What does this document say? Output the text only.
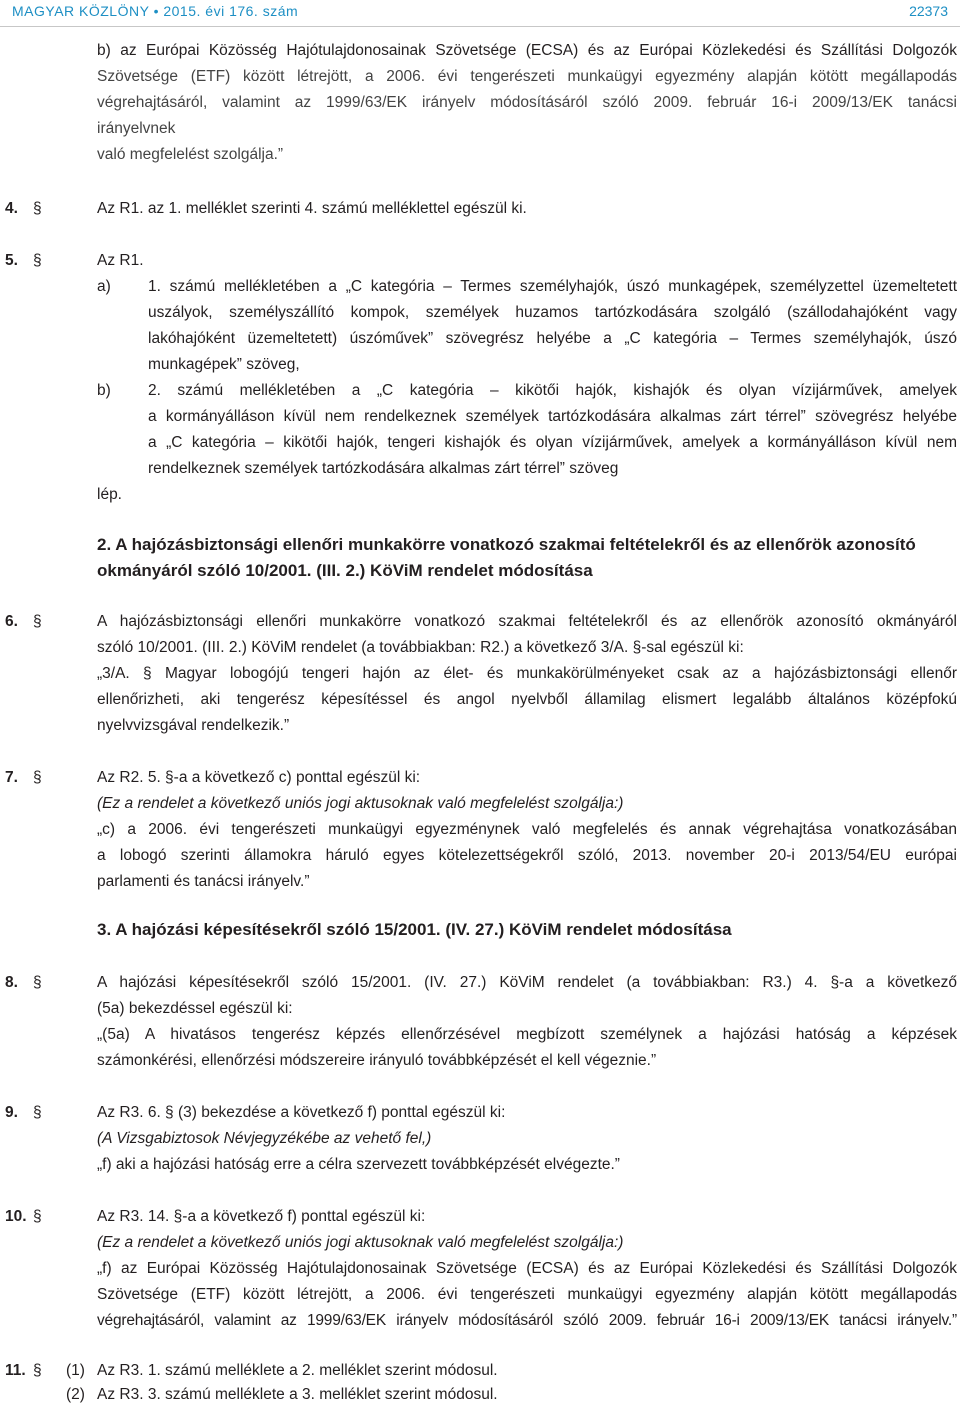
MAGYAR KÖZLÖNY • 2015. évi 176. szám	22373
b) az Európai Közösség Hajótulajdonosainak Szövetsége (ECSA) és az Európai Közlekedési és Szállítási Dolgozók
Szövetsége (ETF) között létrejött, a 2006. évi tengerészeti munkaügyi egyezmény alapján kötött megállapodás
végrehajtásáról, valamint az 1999/63/EK irányelv módosításáról szóló 2009. február 16-i 2009/13/EK tanácsi
irányelvnek
való megfelelést szolgálja.”
4. §	Az R1. az 1. melléklet szerinti 4. számú melléklettel egészül ki.
5. §	Az R1.
a) 1. számú mellékletében a „C kategória – Termes személyhajók, úszó munkagépek, személyzettel üzemeltetett
uszályok, személyszállító kompok, személyek huzamos tartózkodására szolgáló (szállodahajóként vagy
lakóhajóként üzemeltetett) úszóművek” szövegrész helyébe a „C kategória – Termes személyhajók, úszó
munkagépek” szöveg,
b) 2. számú mellékletében a „C kategória – kikötői hajók, kishajók és olyan vízijárművek, amelyek
a kormányálláson kívül nem rendelkeznek személyek tartózkodására alkalmas zárt térrel” szövegrész helyébe
a „C kategória – kikötői hajók, tengeri kishajók és olyan vízijárművek, amelyek a kormányálláson kívül nem
rendelkeznek személyek tartózkodására alkalmas zárt térrel” szöveg
lép.
2. A hajózásbiztonsági ellenőri munkakörre vonatkozó szakmai feltételekről és az ellenőrök azonosító
okmányáról szóló 10/2001. (III. 2.) KöViM rendelet módosítása
6. §	A hajózásbiztonsági ellenőri munkakörre vonatkozó szakmai feltételekről és az ellenőrök azonosító okmányáról
szóló 10/2001. (III. 2.) KöViM rendelet (a továbbiakban: R2.) a következő 3/A. §-sal egészül ki:
„3/A. § Magyar lobogójú tengeri hajón az élet- és munkakörülményeket csak az a hajózásbiztonsági ellenőr
ellenőrizheti, aki tengerész képesítéssel és angol nyelvből államilag elismert legalább általános középfokú
nyelvvizsgával rendelkezik.”
7. §	Az R2. 5. §-a a következő c) ponttal egészül ki:
(Ez a rendelet a következő uniós jogi aktusoknak való megfelelést szolgálja:)
„c) a 2006. évi tengerészeti munkaügyi egyezménynek való megfelelés és annak végrehajtása vonatkozásában
a lobogó szerinti államokra háruló egyes kötelezettségekről szóló, 2013. november 20-i 2013/54/EU európai
parlamenti és tanácsi irányelv.”
3. A hajózási képesítésekről szóló 15/2001. (IV. 27.) KöViM rendelet módosítása
8. §	A hajózási képesítésekről szóló 15/2001. (IV. 27.) KöViM rendelet (a továbbiakban: R3.) 4. §-a a következő
(5a) bekezdéssel egészül ki:
„(5a) A hivatásos tengerész képzés ellenőrzésével megbízott személynek a hajózási hatóság a képzések
számonkérési, ellenőrzési módszereire irányuló továbbképzését el kell végeznie.”
9. §	Az R3. 6. § (3) bekezdése a következő f) ponttal egészül ki:
(A Vizsgabiztosok Névjegyzékébe az vehető fel,)
„f) aki a hajózási hatóság erre a célra szervezett továbbképzését elvégezte.”
10. §	Az R3. 14. §-a a következő f) ponttal egészül ki:
(Ez a rendelet a következő uniós jogi aktusoknak való megfelelést szolgálja:)
„f) az Európai Közösség Hajótulajdonosainak Szövetsége (ECSA) és az Európai Közlekedési és Szállítási Dolgozók
Szövetsége (ETF) között létrejött, a 2006. évi tengerészeti munkaügyi egyezmény alapján kötött megállapodás
végrehajtásáról, valamint az 1999/63/EK irányelv módosításáról szóló 2009. február 16-i 2009/13/EK tanácsi irányelv.”
11. § (1) Az R3. 1. számú melléklete a 2. melléklet szerint módosul.
(2) Az R3. 3. számú melléklete a 3. melléklet szerint módosul.
